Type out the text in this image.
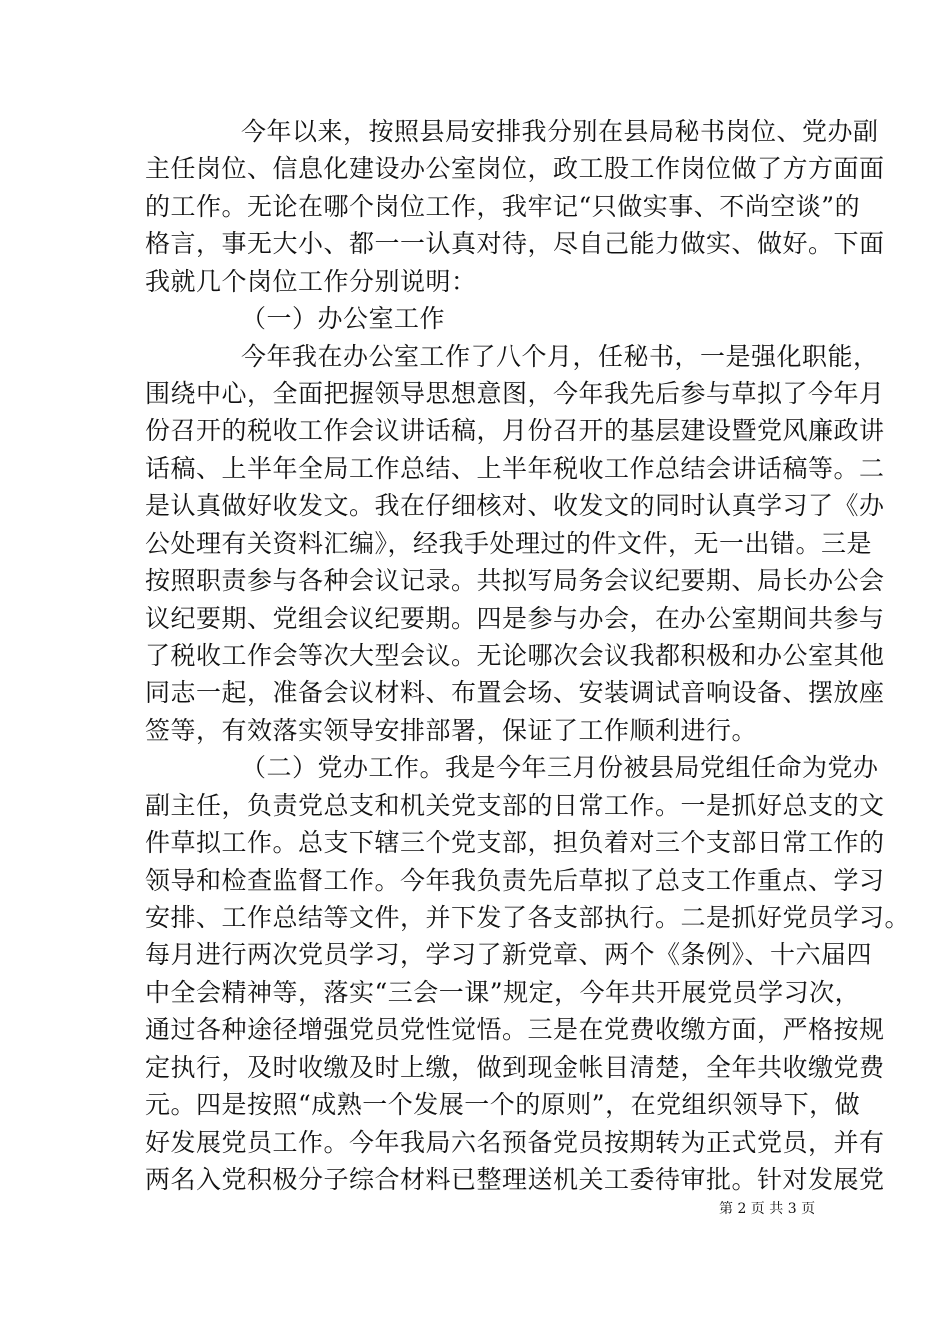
今年以来，按照县局安排我分别在县局秘书岗位、党办副
主任岗位、信息化建设办公室岗位，政工股工作岗位做了方方面面
的工作。无论在哪个岗位工作，我牢记“只做实事、不尚空谈”的
格言，事无大小、都一一认真对待，尽自己能力做实、做好。下面
我就几个岗位工作分别说明：
（一）办公室工作
今年我在办公室工作了八个月，任秘书，一是强化职能，
围绕中心，全面把握领导思想意图，今年我先后参与草拟了今年月
份召开的税收工作会议讲话稿，月份召开的基层建设暨党风廉政讲
话稿、上半年全局工作总结、上半年税收工作总结会讲话稿等。二
是认真做好收发文。我在仔细核对、收发文的同时认真学习了《办
公处理有关资料汇编》，经我手处理过的件文件，无一出错。三是
按照职责参与各种会议记录。共拟写局务会议纪要期、局长办公会
议纪要期、党组会议纪要期。四是参与办会，在办公室期间共参与
了税收工作会等次大型会议。无论哪次会议我都积极和办公室其他
同志一起，准备会议材料、布置会场、安装调试音响设备、摆放座
签等，有效落实领导安排部署，保证了工作顺利进行。
（二）党办工作。我是今年三月份被县局党组任命为党办
副主任，负责党总支和机关党支部的日常工作。一是抓好总支的文
件草拟工作。总支下辖三个党支部，担负着对三个支部日常工作的
领导和检查监督工作。今年我负责先后草拟了总支工作重点、学习
安排、工作总结等文件，并下发了各支部执行。二是抓好党员学习。
每月进行两次党员学习，学习了新党章、两个《条例》、十六届四
中全会精神等，落实“三会一课”规定，今年共开展党员学习次，
通过各种途径增强党员党性觉悟。三是在党费收缴方面，严格按规
定执行，及时收缴及时上缴，做到现金帐目清楚，全年共收缴党费
元。四是按照“成熟一个发展一个的原则”，在党组织领导下，做
好发展党员工作。今年我局六名预备党员按期转为正式党员，并有
两名入党积极分子综合材料已整理送机关工委待审批。针对发展党
第 2 页 共 3 页
